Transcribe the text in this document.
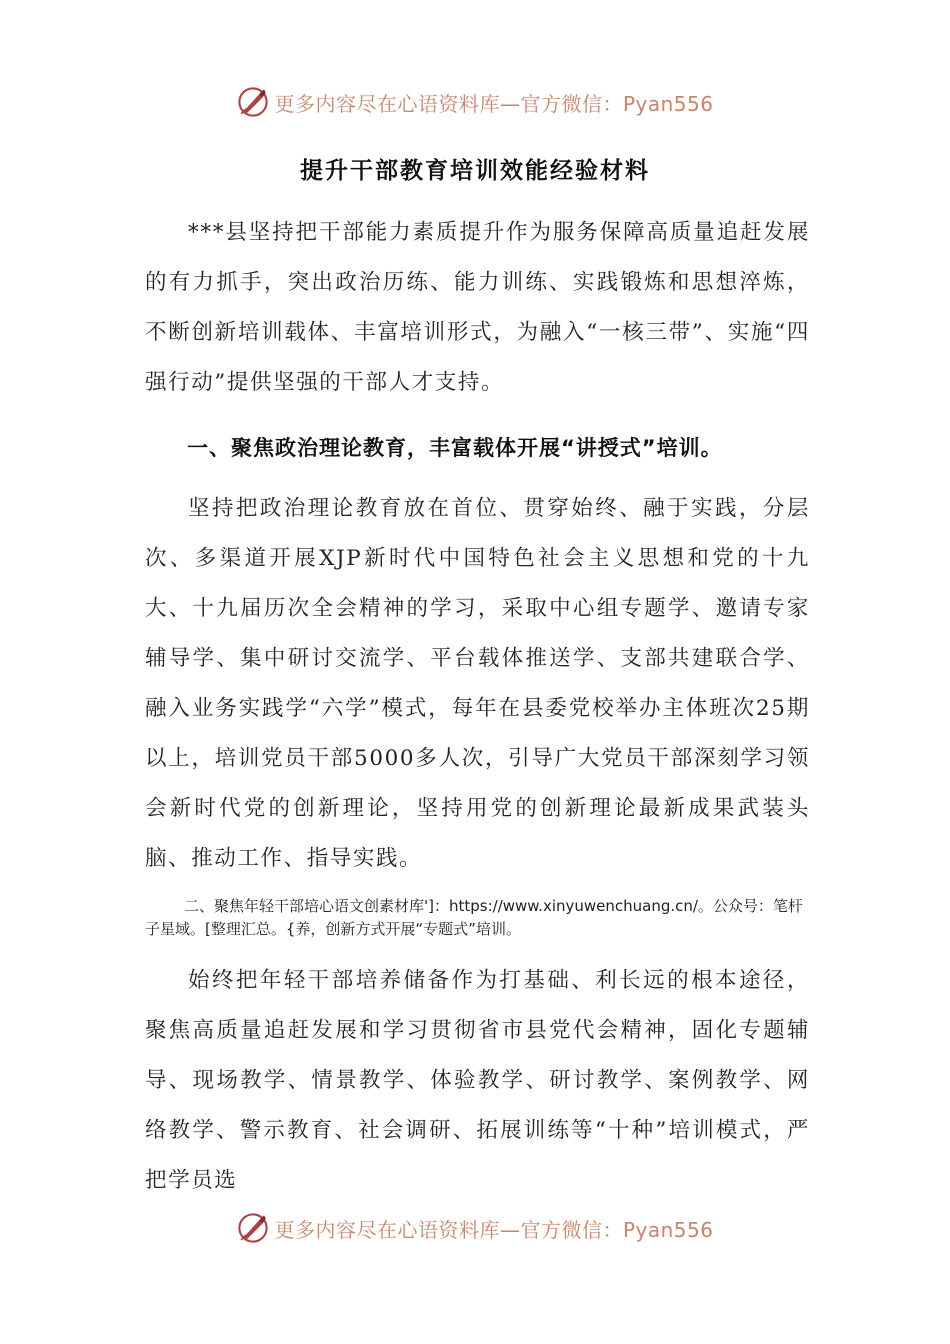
更多内容尽在心语资料库—官方微信：Pyan556
提升干部教育培训效能经验材料

***县坚持把干部能力素质提升作为服务保障高质量追赶发展的有力抓手，突出政治历练、能力训练、实践锻炼和思想淬炼，不断创新培训载体、丰富培训形式，为融入“一核三带”、实施“四强行动”提供坚强的干部人才支持。

一、聚焦政治理论教育，丰富载体开展“讲授式”培训。

坚持把政治理论教育放在首位、贯穿始终、融于实践，分层次、多渠道开展XJP新时代中国特色社会主义思想和党的十九大、十九届历次全会精神的学习，采取中心组专题学、邀请专家辅导学、集中研讨交流学、平台载体推送学、支部共建联合学、融入业务实践学“六学”模式，每年在县委党校举办主体班次25期以上，培训党员干部5000多人次，引导广大党员干部深刻学习领会新时代党的创新理论，坚持用党的创新理论最新成果武装头脑、推动工作、指导实践。

二、聚焦年轻干部培心语文创素材库']：https://www.xinyuwenchuang.cn/。公众号：笔杆子星域。[整理汇总。{养，创新方式开展“专题式”培训。

始终把年轻干部培养储备作为打基础、利长远的根本途径，聚焦高质量追赶发展和学习贯彻省市县党代会精神，固化专题辅导、现场教学、情景教学、体验教学、研讨教学、案例教学、网络教学、警示教育、社会调研、拓展训练等“十种”培训模式，严把学员选

更多内容尽在心语资料库—官方微信：Pyan556
